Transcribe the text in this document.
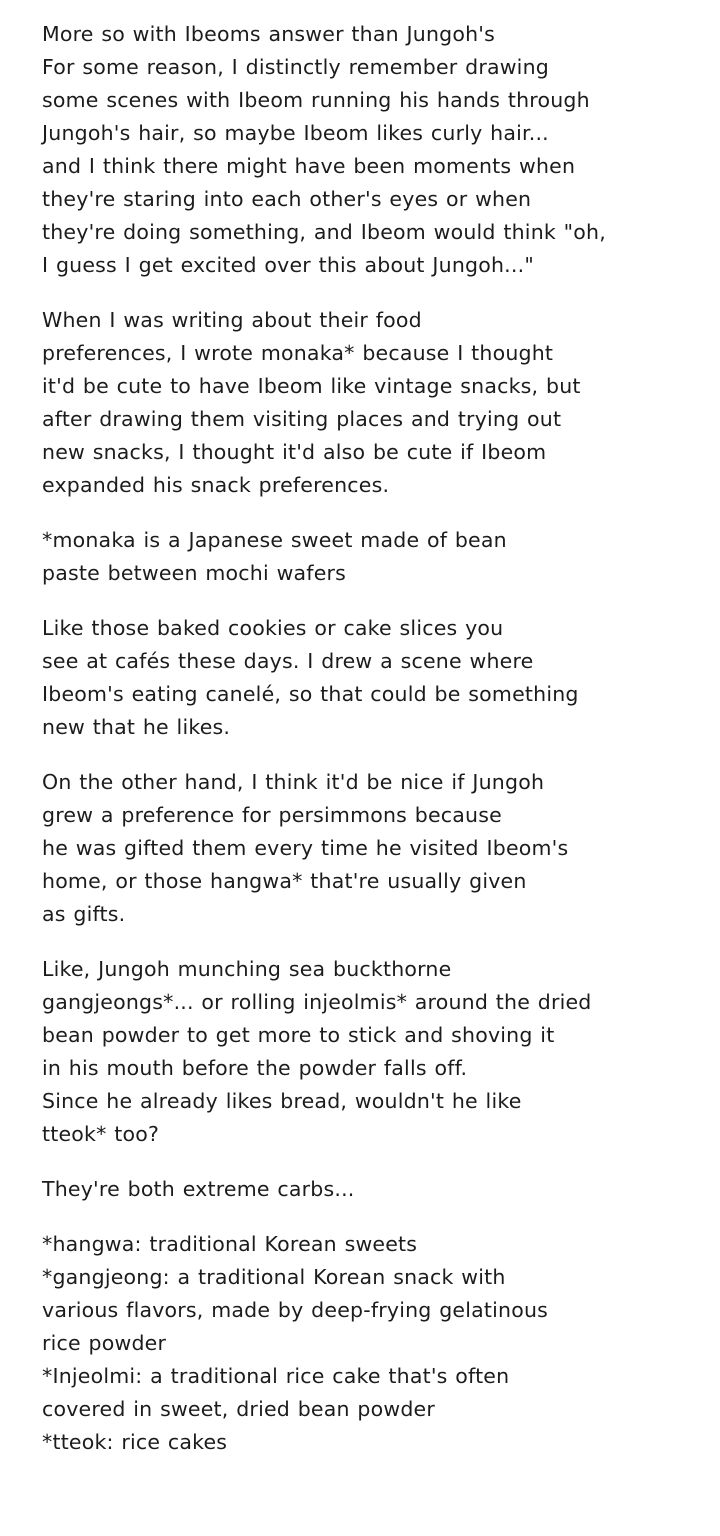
More so with Ibeoms answer than Jungoh's
For some reason, I distinctly remember drawing
some scenes with Ibeom running his hands through
Jungoh's hair, so maybe Ibeom likes curly hair...
and I think there might have been moments when
they're staring into each other's eyes or when
they're doing something, and Ibeom would think "oh,
I guess I get excited over this about Jungoh..."
When I was writing about their food
preferences, I wrote monaka* because I thought
it'd be cute to have Ibeom like vintage snacks, but
after drawing them visiting places and trying out
new snacks, I thought it'd also be cute if Ibeom
expanded his snack preferences.
*monaka is a Japanese sweet made of bean
paste between mochi wafers
Like those baked cookies or cake slices you
see at cafés these days. I drew a scene where
Ibeom's eating canelé, so that could be something
new that he likes.
On the other hand, I think it'd be nice if Jungoh
grew a preference for persimmons because
he was gifted them every time he visited Ibeom's
home, or those hangwa* that're usually given
as gifts.
Like, Jungoh munching sea buckthorne
gangjeongs*... or rolling injeolmis* around the dried
bean powder to get more to stick and shoving it
in his mouth before the powder falls off.
Since he already likes bread, wouldn't he like
tteok* too?
They're both extreme carbs...
*hangwa: traditional Korean sweets
*gangjeong: a traditional Korean snack with
various flavors, made by deep-frying gelatinous
rice powder
*Injeolmi: a traditional rice cake that's often
covered in sweet, dried bean powder
*tteok: rice cakes
